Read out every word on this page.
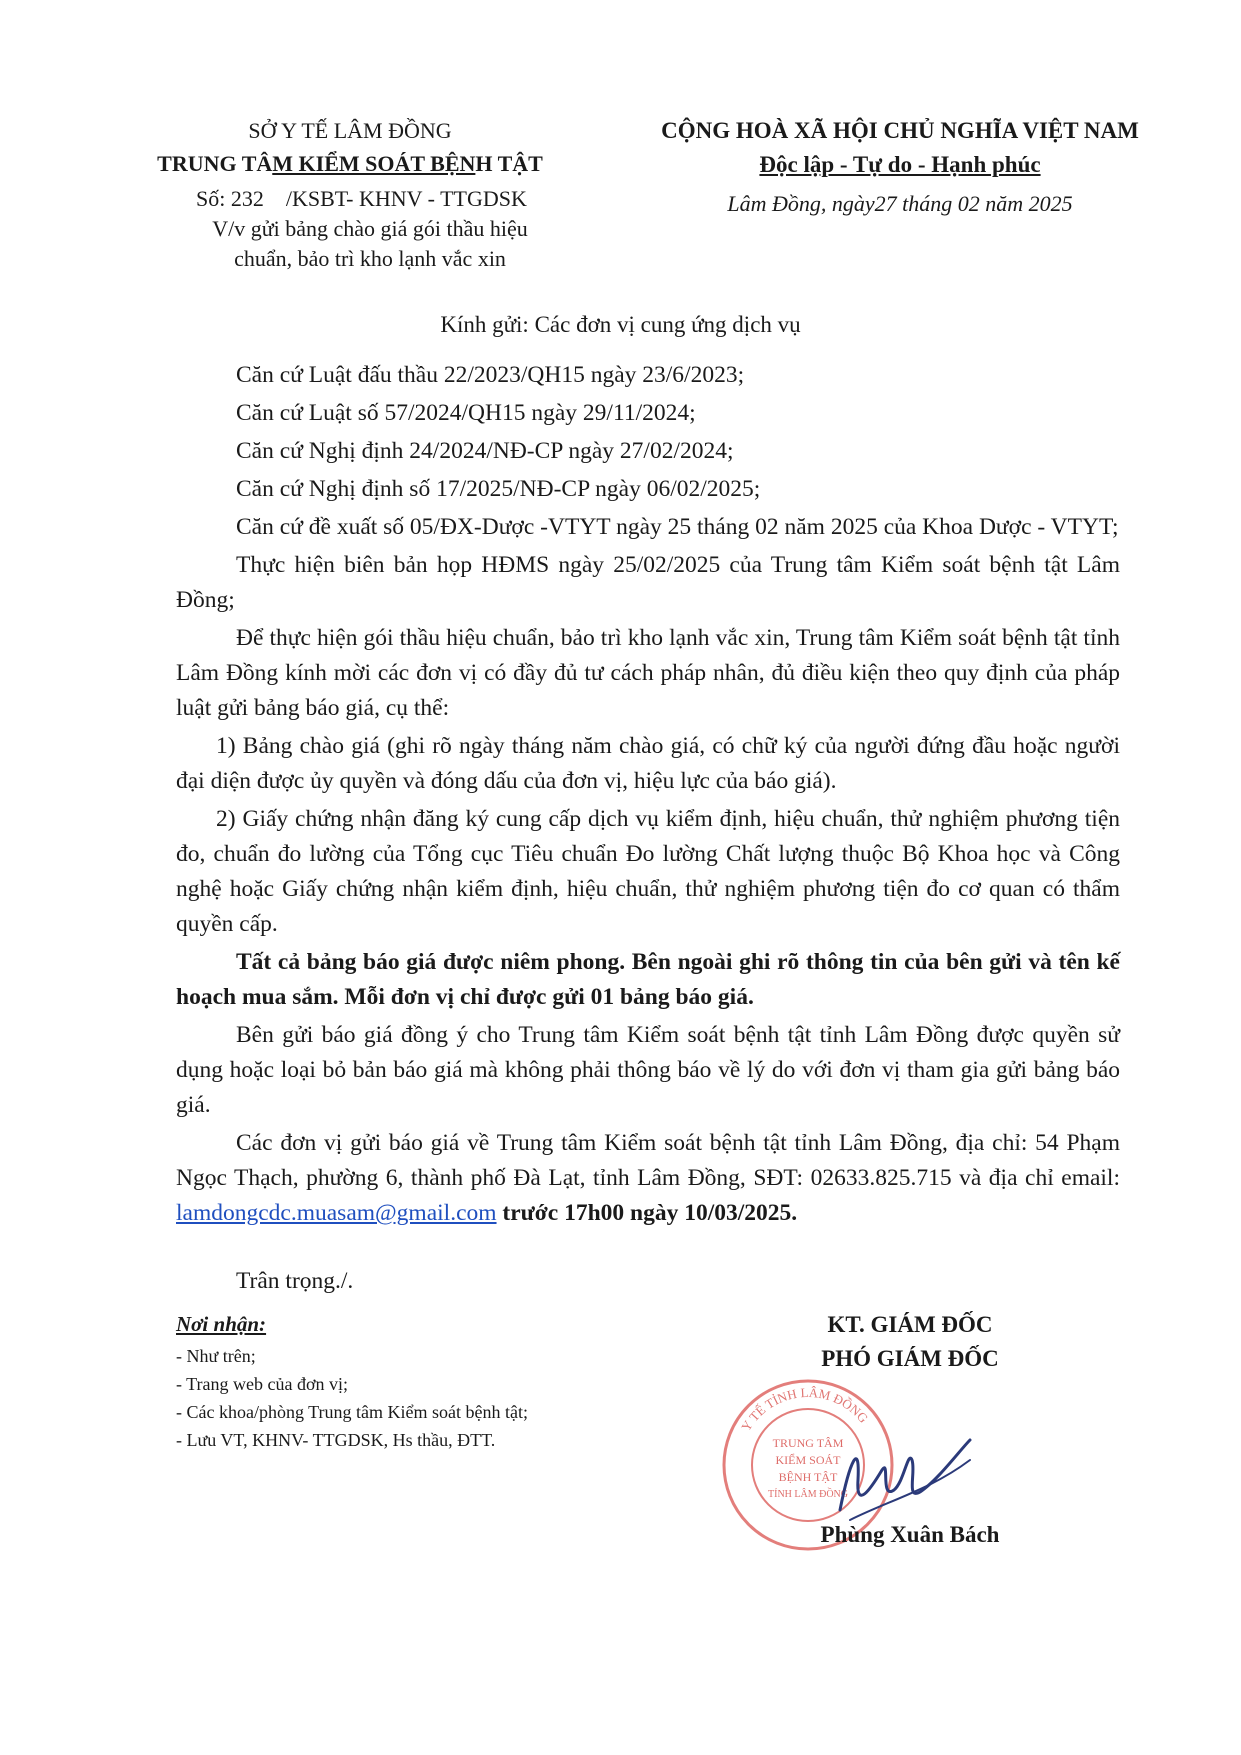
SỞ Y TẾ LÂM ĐỒNG
TRUNG TÂM KIỂM SOÁT BỆNH TẬT
Số: 232    /KSBT- KHNV - TTGDSK
V/v gửi bảng chào giá gói thầu hiệu
chuẩn, bảo trì kho lạnh vắc xin
CỘNG HOÀ XÃ HỘI CHỦ NGHĨA VIỆT NAM
Độc lập - Tự do - Hạnh phúc
Lâm Đồng, ngày27 tháng 02 năm 2025
Kính gửi: Các đơn vị cung ứng dịch vụ

Căn cứ Luật đấu thầu 22/2023/QH15 ngày 23/6/2023;

Căn cứ Luật số 57/2024/QH15 ngày 29/11/2024;

Căn cứ Nghị định 24/2024/NĐ-CP ngày 27/02/2024;

Căn cứ Nghị định số 17/2025/NĐ-CP ngày 06/02/2025;

Căn cứ đề xuất số 05/ĐX-Dược -VTYT ngày 25 tháng 02 năm 2025 của Khoa Dược - VTYT;

Thực hiện biên bản họp HĐMS ngày 25/02/2025 của Trung tâm Kiểm soát bệnh tật Lâm Đồng;

Để thực hiện gói thầu hiệu chuẩn, bảo trì kho lạnh vắc xin, Trung tâm Kiểm soát bệnh tật tỉnh Lâm Đồng kính mời các đơn vị có đầy đủ tư cách pháp nhân, đủ điều kiện theo quy định của pháp luật gửi bảng báo giá, cụ thể:

1) Bảng chào giá (ghi rõ ngày tháng năm chào giá, có chữ ký của người đứng đầu hoặc người đại diện được ủy quyền và đóng dấu của đơn vị, hiệu lực của báo giá).

2) Giấy chứng nhận đăng ký cung cấp dịch vụ kiểm định, hiệu chuẩn, thử nghiệm phương tiện đo, chuẩn đo lường của Tổng cục Tiêu chuẩn Đo lường Chất lượng thuộc Bộ Khoa học và Công nghệ hoặc Giấy chứng nhận kiểm định, hiệu chuẩn, thử nghiệm phương tiện đo cơ quan có thẩm quyền cấp.

Tất cả bảng báo giá được niêm phong. Bên ngoài ghi rõ thông tin của bên gửi và tên kế hoạch mua sắm. Mỗi đơn vị chỉ được gửi 01 bảng báo giá.

Bên gửi báo giá đồng ý cho Trung tâm Kiểm soát bệnh tật tỉnh Lâm Đồng được quyền sử dụng hoặc loại bỏ bản báo giá mà không phải thông báo về lý do với đơn vị tham gia gửi bảng báo giá.

Các đơn vị gửi báo giá về Trung tâm Kiểm soát bệnh tật tỉnh Lâm Đồng, địa chỉ: 54 Phạm Ngọc Thạch, phường 6, thành phố Đà Lạt, tỉnh Lâm Đồng, SĐT: 02633.825.715 và địa chỉ email: lamdongcdc.muasam@gmail.com trước 17h00 ngày 10/03/2025.

Trân trọng./.
Nơi nhận:
- Như trên;
- Trang web của đơn vị;
- Các khoa/phòng Trung tâm Kiểm soát bệnh tật;
- Lưu VT, KHNV- TTGDSK, Hs thầu, ĐTT.
KT. GIÁM ĐỐC
PHÓ GIÁM ĐỐC
Y TẾ TỈNH LÂM ĐỒNG
TRUNG TÂM
KIỂM SOÁT
BỆNH TẬT
TỈNH LÂM ĐỒNG
Phùng Xuân Bách
